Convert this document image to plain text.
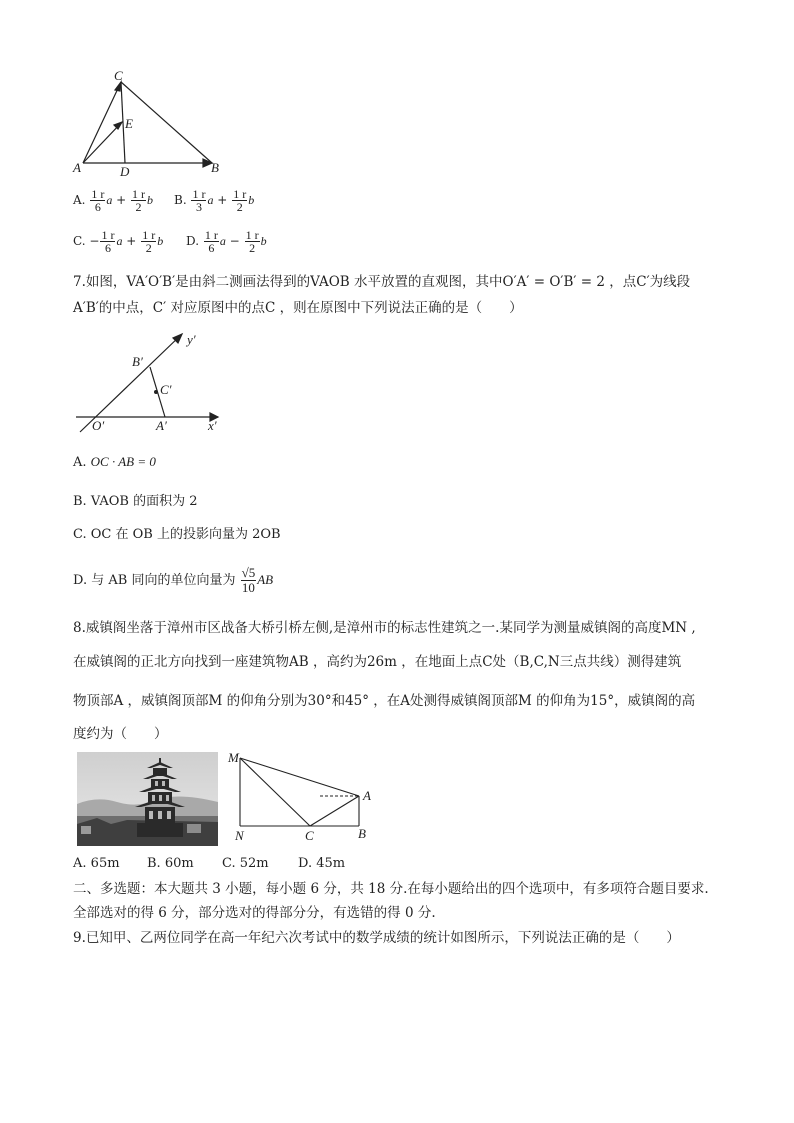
C
E
A	D	B
A. $\frac{1 r}{6}$ $a + \frac{1 r}{2}$ b B. $\frac{1 r}{3}$ $a + \frac{1 r}{2}$ b
C. − $\frac{1 r}{6}$ $a + \frac{1 r}{2}$ b D. $\frac{1 r}{6}$ $a - \frac{1 r}{2}$ b
7.如图，VA′O′B′是由斜二测画法得到的VAOB 水平放置的直观图，其中O′A′ = O′B′ = 2 ，点C′为线段
A′B′的中点，C′ 对应原图中的点C ，则在原图中下列说法正确的是（　　）
y′
B′
C′
O′	A′	x′
A. OC · AB = 0
B. VAOB 的面积为 2
C. OC 在 OB 上的投影向量为 2OB
D. 与 AB 同向的单位向量为 $\frac{√5}{10}$ AB
8.威镇阁坐落于漳州市区战备大桥引桥左侧,是漳州市的标志性建筑之一.某同学为测量威镇阁的高度MN ,
在威镇阁的正北方向找到一座建筑物AB ，高约为26m ，在地面上点C处（B,C,N三点共线）测得建筑
物顶部A ，威镇阁顶部M 的仰角分别为30°和45° ，在A处测得威镇阁顶部M 的仰角为15°，威镇阁的高
度约为（　　）
M
A
N	C	B
A. 65m B. 60m C. 52m D. 45m
二、多选题：本大题共 3 小题，每小题 6 分，共 18 分.在每小题给出的四个选项中，有多项符合题目要求.
全部选对的得 6 分，部分选对的得部分分，有选错的得 0 分.
9.已知甲、乙两位同学在高一年纪六次考试中的数学成绩的统计如图所示，下列说法正确的是（　　）
